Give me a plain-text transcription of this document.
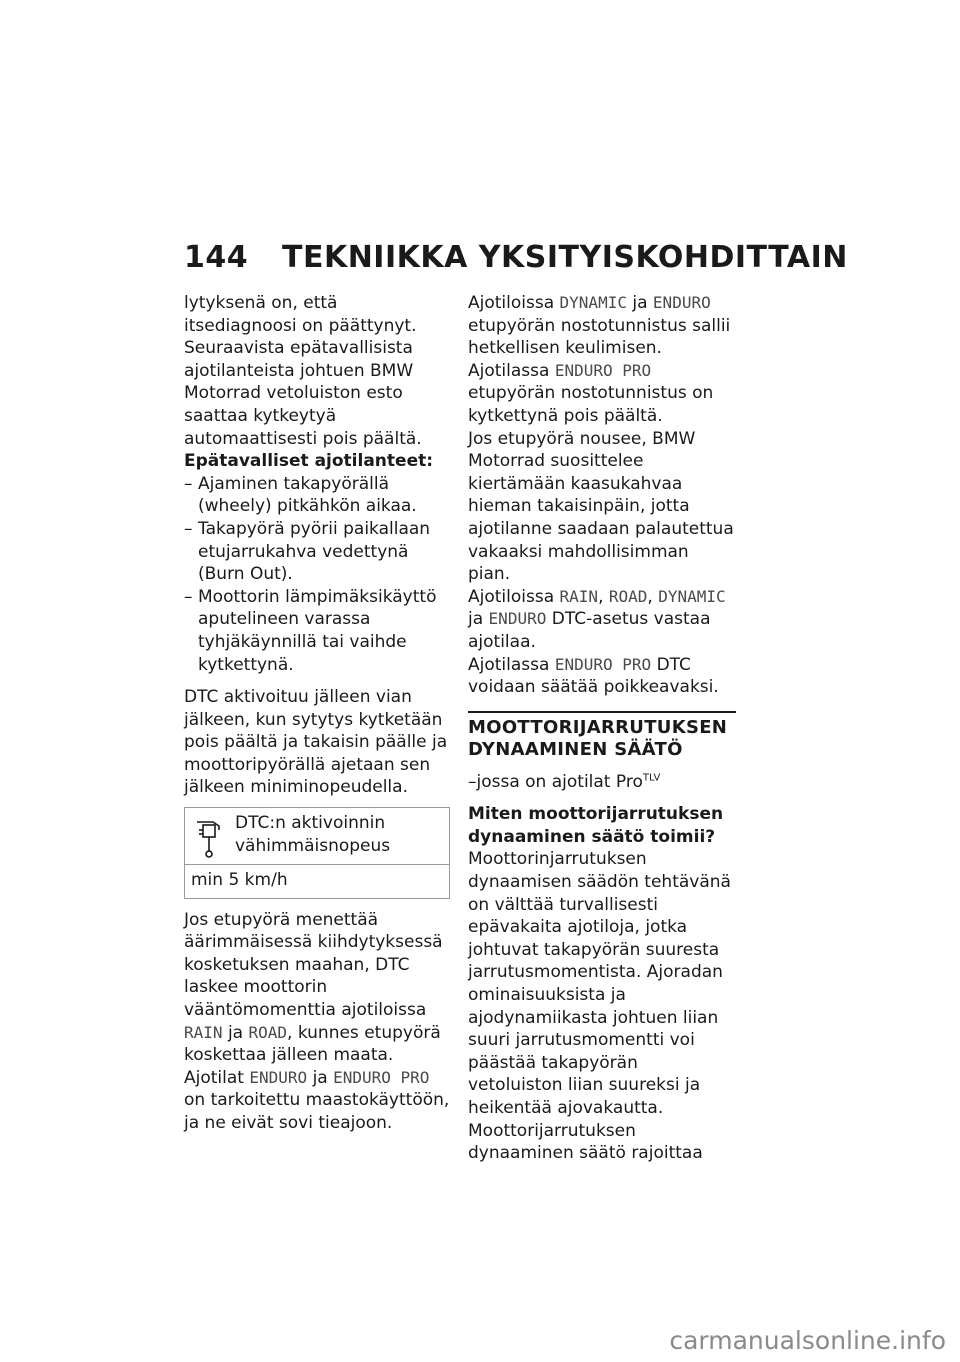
144 TEKNIIKKA YKSITYISKOHDITTAIN

lytyksenä on, että itsediagnoosi on päättynyt.

Seuraavista epätavallisista ajotilanteista johtuen BMW Motorrad vetoluiston esto saattaa kytkeytyä automaattisesti pois päältä.

Epätavalliset ajotilanteet:

– Ajaminen takapyörällä (wheely) pitkähkön aikaa.
– Takapyörä pyörii paikallaan etujarrukahva vedettynä (Burn Out).
– Moottorin lämpimäksikäyttö aputelineen varassa tyhjäkäynnillä tai vaihde kytkettynä.

DTC aktivoituu jälleen vian jälkeen, kun sytytys kytketään pois päältä ja takaisin päälle ja moottoripyörällä ajetaan sen jälkeen miniminopeudella.

DTC:n aktivoinnin vähimmäisnopeus
min 5 km/h

Jos etupyörä menettää äärimmäisessä kiihdytyksessä kosketuksen maahan, DTC laskee moottorin vääntömomenttia ajotiloissa RAIN ja ROAD, kunnes etupyörä koskettaa jälleen maata.

Ajotilat ENDURO ja ENDURO PRO on tarkoitettu maastokäyttöön, ja ne eivät sovi tieajoon.

Ajotiloissa DYNAMIC ja ENDURO etupyörän nostotunnistus sallii hetkellisen keulimisen.

Ajotilassa ENDURO PRO etupyörän nostotunnistus on kytkettynä pois päältä.

Jos etupyörä nousee, BMW Motorrad suosittelee kiertämään kaasukahvaa hieman takaisinpäin, jotta ajotilanne saadaan palautettua vakaaksi mahdollisimman pian.

Ajotiloissa RAIN, ROAD, DYNAMIC ja ENDURO DTC-asetus vastaa ajotilaa.

Ajotilassa ENDURO PRO DTC voidaan säätää poikkeavaksi.

MOOTTORIJARRUTUKSEN DYNAAMINEN SÄÄTÖ

–jossa on ajotilat Pro$^{TLV}$

Miten moottorijarrutuksen dynaaminen säätö toimii?

Moottorinjarrutuksen dynaamisen säädön tehtävänä on välttää turvallisesti epävakaita ajotiloja, jotka johtuvat takapyörän suuresta jarrutusmomentista. Ajoradan ominaisuuksista ja ajodynamiikasta johtuen liian suuri jarrutusmomentti voi päästää takapyörän vetoluiston liian suureksi ja heikentää ajovakautta. Moottorijarrutuksen dynaaminen säätö rajoittaa

carmanualsonline.info
